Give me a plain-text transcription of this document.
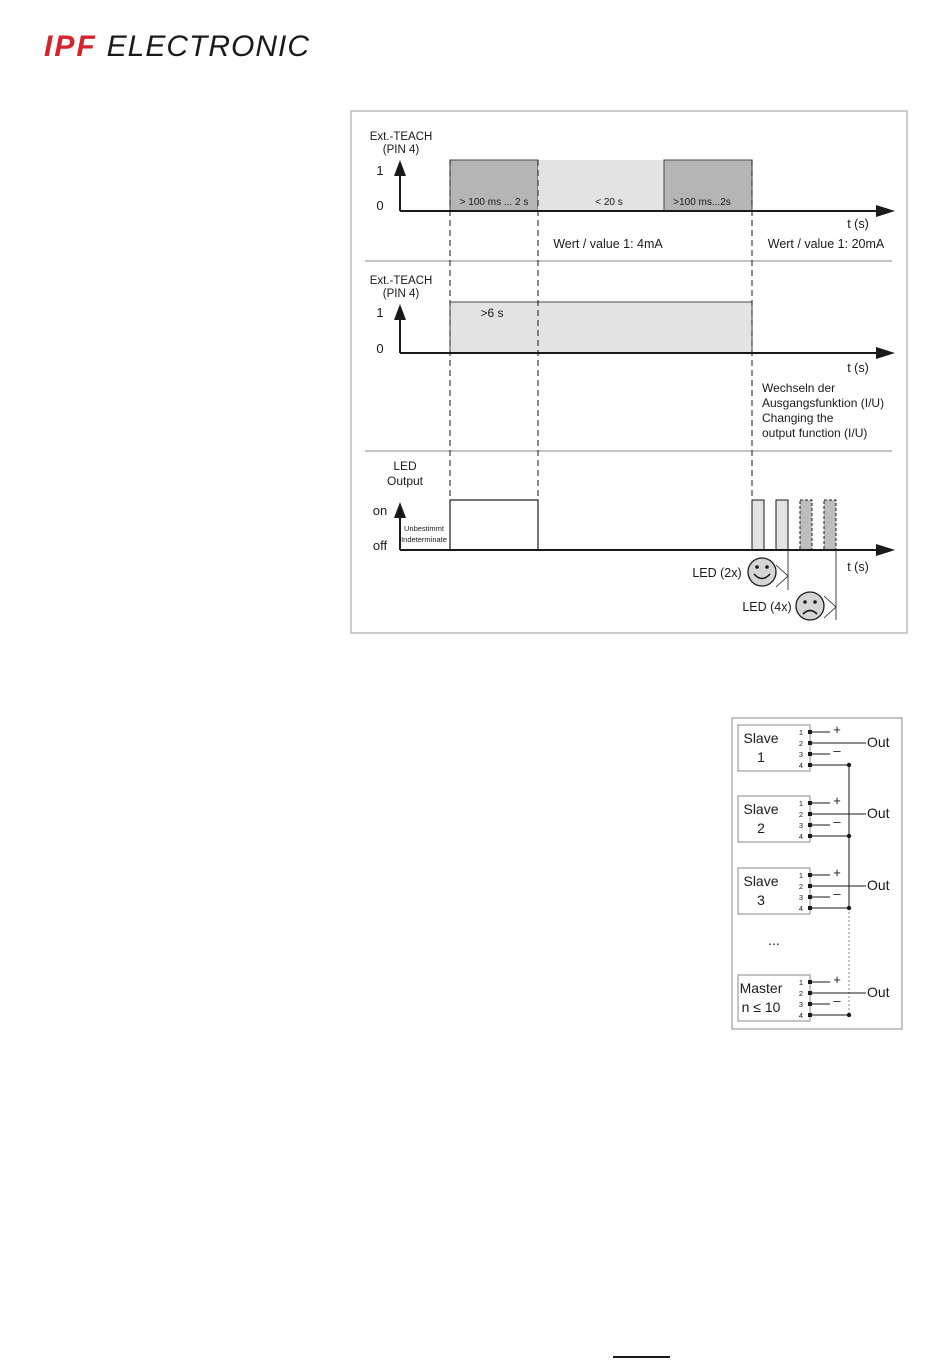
IPF ELECTRONIC
Ext.-TEACH
(PIN 4)
1
0	> 100 ms ... 2 s	< 20 s	>100 ms...2s
t (s)
Wert / value 1: 4mA	Wert / value 1: 20mA
Ext.-TEACH
(PIN 4)
1
0
>6 s
t (s)
Wechseln der
Ausgangsfunktion (I/U)
Changing the
output function (I/U)
LED
Output
on
off
Unbestimmt
Indeterminate
t (s)
LED (2x)
LED (4x)
Slave
1
1
2
3
4
+
Out
–
Slave
2
1
2
3
4
+
Out
–
Slave
3
1
2
3
4
+
Out
–
Master
n ≤ 10
1
2
3
4
+
Out
–
...
